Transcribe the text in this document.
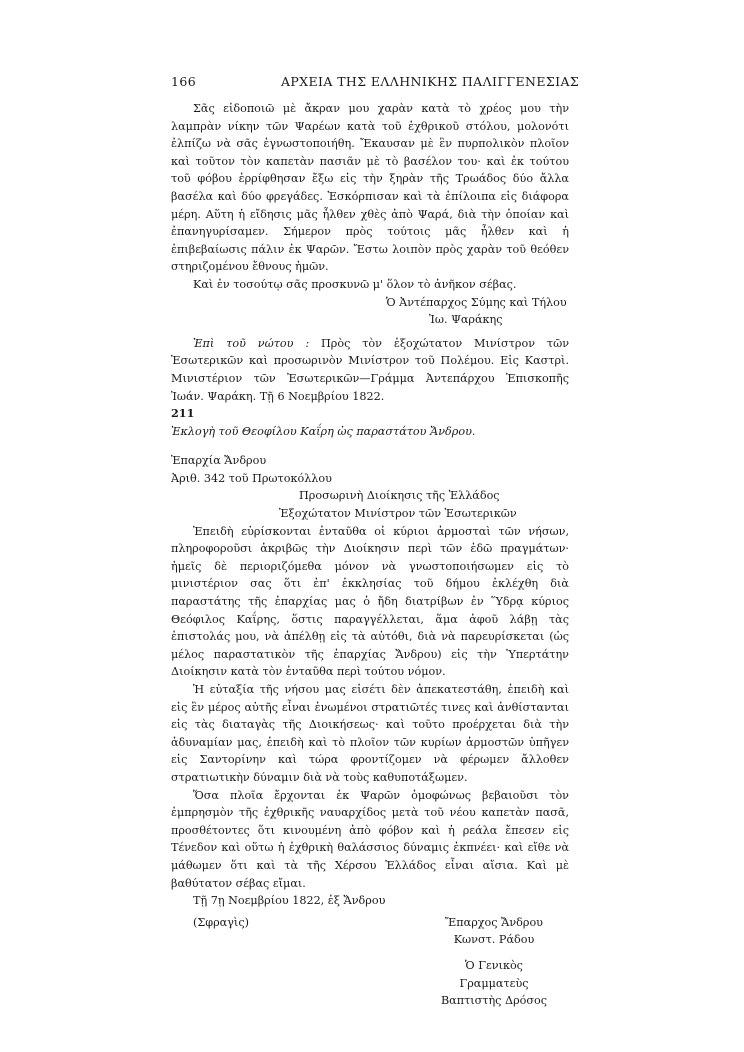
166	ΑΡΧΕΙΑ ΤΗΣ ΕΛΛΗΝΙΚΗΣ ΠΑΛΙΓΓΕΝΕΣΙΑΣ

Σᾶς εἰδοποιῶ μὲ ἄκραν μου χαρὰν κατὰ τὸ χρέος μου τὴν λαμπρὰν νίκην τῶν Ψαρέων κατὰ τοῦ ἐχθρικοῦ στόλου, μολονότι ἐλπίζω νὰ σᾶς ἐγνωστοποιήθη. Ἔκαυσαν μὲ ἓν πυρπολικὸν πλοῖον καὶ τοῦτον τὸν καπετὰν πασιᾶν μὲ τὸ βασέλον του· καὶ ἐκ τούτου τοῦ φόβου ἐρρίφθησαν ἔξω εἰς τὴν ξηρὰν τῆς Τρωάδος δύο ἄλλα βασέλα καὶ δύο φρεγάδες. Ἐσκόρπισαν καὶ τὰ ἐπίλοιπα εἰς διάφορα μέρη. Αὕτη ἡ εἴδησις μᾶς ἦλθεν χθὲς ἀπὸ Ψαρά, διὰ τὴν ὁποίαν καὶ ἐπανηγυρίσαμεν. Σήμερον πρὸς τούτοις μᾶς ἦλθεν καὶ ἡ ἐπιβεβαίωσις πάλιν ἐκ Ψαρῶν. Ἔστω λοιπὸν πρὸς χαρὰν τοῦ θεόθεν στηριζομένου ἔθνους ἡμῶν.

Καὶ ἐν τοσούτῳ σᾶς προσκυνῶ μ' ὅλον τὸ ἀνῆκον σέβας.

Ὁ Ἀντέπαρχος Σύμης καὶ Τήλου

Ἰω. Ψαράκης

Ἐπὶ τοῦ νώτου : Πρὸς τὸν ἐξοχώτατον Μινίστρον τῶν Ἐσωτερικῶν καὶ προσωρινὸν Μινίστρον τοῦ Πολέμου. Εἰς Καστρὶ. Μινιστέριον τῶν Ἐσωτερικῶν—Γράμμα Ἀντεπάρχου Ἐπισκοπῆς Ἰωάν. Ψαράκη. Τῇ 6 Νοεμβρίου 1822.

211

Ἐκλογὴ τοῦ Θεοφίλου Καΐρη ὡς παραστάτου Ἄνδρου.

Ἐπαρχία Ἄνδρου

Ἀριθ. 342 τοῦ Πρωτοκόλλου

Προσωρινὴ Διοίκησις τῆς Ἑλλάδος

Ἐξοχώτατον Μινίστρον τῶν Ἐσωτερικῶν

Ἐπειδὴ εὑρίσκονται ἐνταῦθα οἱ κύριοι ἁρμοσταὶ τῶν νήσων, πληροφοροῦσι ἀκριβῶς τὴν Διοίκησιν περὶ τῶν ἐδῶ πραγμάτων· ἡμεῖς δὲ περιοριζόμεθα μόνον νὰ γνωστοποιήσωμεν εἰς τὸ μινιστέριον σας ὅτι ἐπ' ἐκκλησίας τοῦ δήμου ἐκλέχθη διὰ παραστάτης τῆς ἐπαρχίας μας ὁ ἤδη διατρίβων ἐν Ὕδρᾳ κύριος Θεόφιλος Καΐρης, ὅστις παραγγέλλεται, ἅμα ἀφοῦ λάβῃ τὰς ἐπιστολάς μου, νὰ ἀπέλθῃ εἰς τὰ αὐτόθι, διὰ νὰ παρευρίσκεται (ὡς μέλος παραστατικὸν τῆς ἐπαρχίας Ἄνδρου) εἰς τὴν Ὑπερτάτην Διοίκησιν κατὰ τὸν ἐνταῦθα περὶ τούτου νόμον.

Ἡ εὐταξία τῆς νήσου μας εἰσέτι δὲν ἀπεκατεστάθη, ἐπειδὴ καὶ εἰς ἓν μέρος αὐτῆς εἶναι ἑνωμένοι στρατιῶτές τινες καὶ ἀνθίστανται εἰς τὰς διαταγὰς τῆς Διοικήσεως· καὶ τοῦτο προέρχεται διὰ τὴν ἀδυναμίαν μας, ἐπειδὴ καὶ τὸ πλοῖον τῶν κυρίων ἁρμοστῶν ὑπῆγεν εἰς Σαντορίνην καὶ τώρα φροντίζομεν νὰ φέρωμεν ἄλλοθεν στρατιωτικὴν δύναμιν διὰ νὰ τοὺς καθυποτάξωμεν.

Ὅσα πλοῖα ἔρχονται ἐκ Ψαρῶν ὁμοφώνως βεβαιοῦσι τὸν ἐμπρησμὸν τῆς ἐχθρικῆς ναυαρχίδος μετὰ τοῦ νέου καπετὰν πασᾶ, προσθέτοντες ὅτι κινουμένη ἀπὸ φόβον καὶ ἡ ρεάλα ἔπεσεν εἰς Τένεδον καὶ οὕτω ἡ ἐχθρικὴ θαλάσσιος δύναμις ἐκπνέει· καὶ εἴθε νὰ μάθωμεν ὅτι καὶ τὰ τῆς Χέρσου Ἑλλάδος εἶναι αἴσια. Καὶ μὲ βαθύτατον σέβας εἴμαι.

Τῇ 7ῃ Νοεμβρίου 1822, ἐξ Ἄνδρου

(Σφραγὶς)	Ἔπαρχος Ἄνδρου
Κωνστ. Ράδου
Ὁ Γενικὸς Γραμματεὺς
Βαπτιστὴς Δρόσος
